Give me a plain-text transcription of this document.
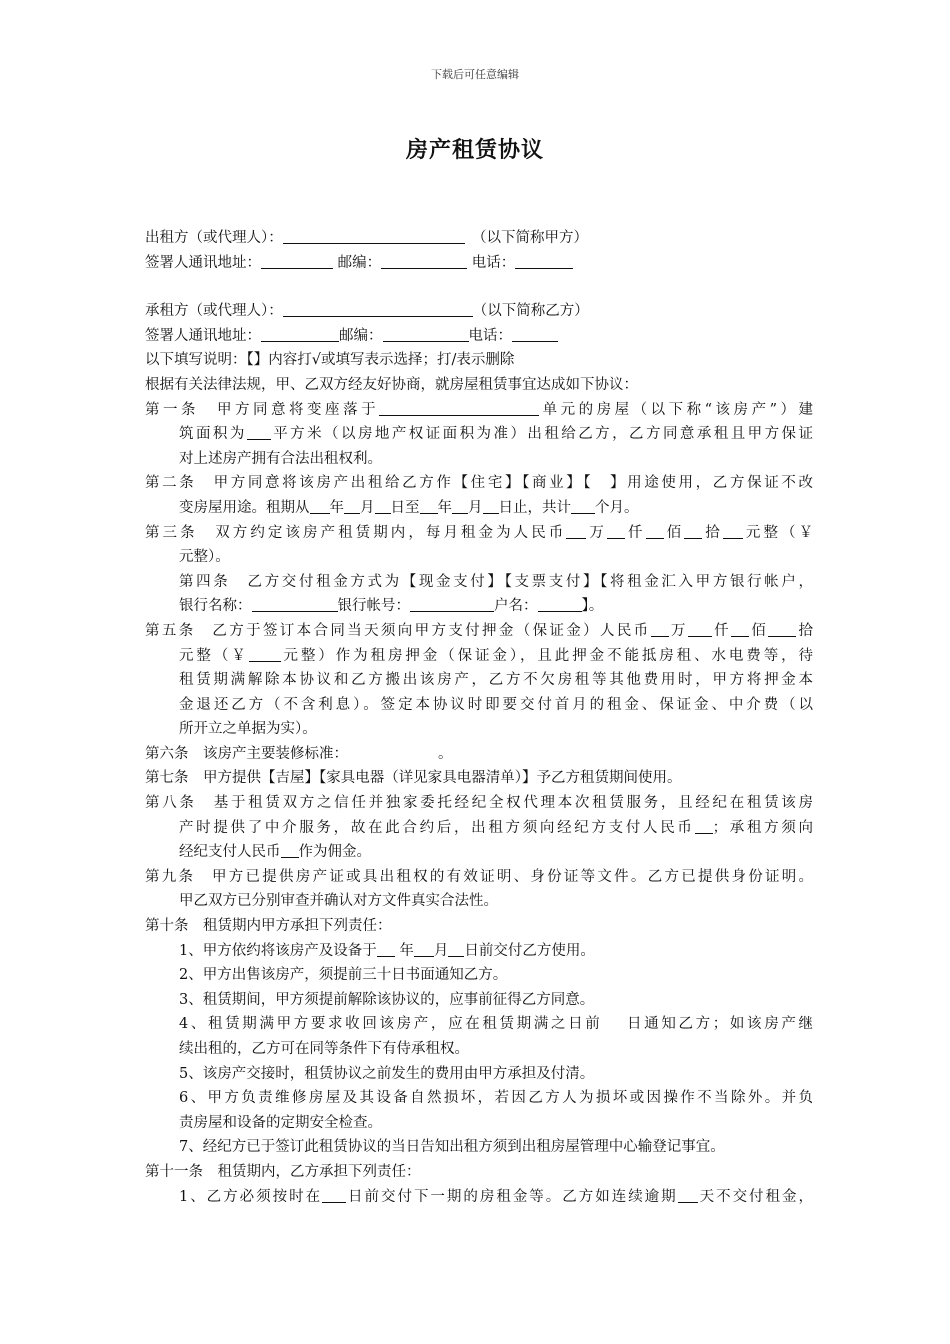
下载后可任意编辑
房产租赁协议
出租方（或代理人）：　	（以下简称甲方）
签署人通讯地址：	邮编：	电话：
承租方（或代理人）：	（以下简称乙方）
签署人通讯地址：	邮编：	电话：
以下填写说明：【】内容打√或填写表示选择；打/表示删除
根据有关法律法规，甲、乙双方经友好协商，就房屋租赁事宜达成如下协议：
第一条　甲方同意将变座落于	单元的房屋（以下称“该房产”）建
筑面积为 平方米（以房地产权证面积为准）出租给乙方，乙方同意承租且甲方保证
对上述房产拥有合法出租权利。
第二条　甲方同意将该房产出租给乙方作【住宅】【商业】【 】用途使用，乙方保证不改
变房屋用途。租期从 年 月 日至 年 月 日止，共计 个月。
第三条　双方约定该房产租赁期内，每月租金为人民币 万 仟 佰 拾 元整（￥
元整）。
第四条　乙方交付租金方式为【现金支付】【支票支付】【将租金汇入甲方银行帐户，
银行名称：	银行帐号：	户名：	】。
第五条　乙方于签订本合同当天须向甲方支付押金（保证金）人民币 万 仟 佰 拾
元整（￥ 元整）作为租房押金（保证金），且此押金不能抵房租、水电费等，待
租赁期满解除本协议和乙方搬出该房产，乙方不欠房租等其他费用时，甲方将押金本
金退还乙方（不含利息）。签定本协议时即要交付首月的租金、保证金、中介费（以
所开立之单据为实）。
第六条　该房产主要装修标准：	。
第七条　甲方提供【吉屋】【家具电器（详见家具电器清单）】予乙方租赁期间使用。
第八条　基于租赁双方之信任并独家委托经纪全权代理本次租赁服务，且经纪在租赁该房
产时提供了中介服务，故在此合约后，出租方须向经纪方支付人民币 ；承租方须向
经纪支付人民币 作为佣金。
第九条　甲方已提供房产证或具出租权的有效证明、身份证等文件。乙方已提供身份证明。
甲乙双方已分别审查并确认对方文件真实合法性。
第十条　租赁期内甲方承担下列责任：
1、甲方依约将该房产及设备于 年 月 日前交付乙方使用。
2、甲方出售该房产，须提前三十日书面通知乙方。
3、租赁期间，甲方须提前解除该协议的，应事前征得乙方同意。
4、租赁期满甲方要求收回该房产，应在租赁期满之日前 日通知乙方；如该房产继
续出租的，乙方可在同等条件下有侍承租权。
5、该房产交接时，租赁协议之前发生的费用由甲方承担及付清。
6、甲方负责维修房屋及其设备自然损坏，若因乙方人为损坏或因操作不当除外。并负
责房屋和设备的定期安全检查。
7、经纪方已于签订此租赁协议的当日告知出租方须到出租房屋管理中心输登记事宜。
第十一条　租赁期内，乙方承担下列责任：
1、乙方必须按时在 日前交付下一期的房租金等。乙方如连续逾期 天不交付租金，
